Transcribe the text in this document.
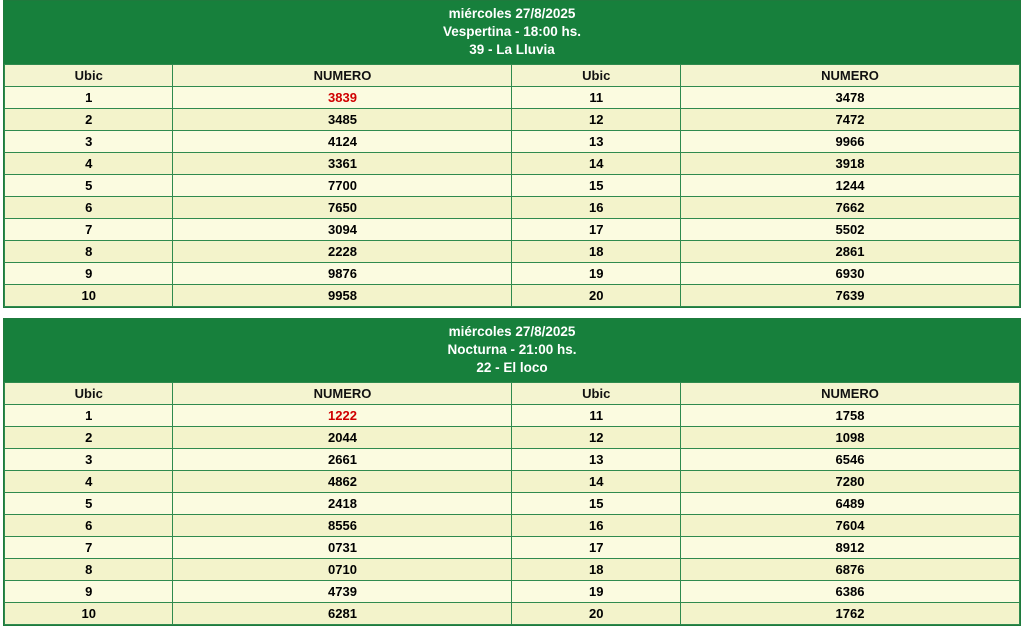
miércoles 27/8/2025
Vespertina - 18:00 hs.
39 - La Lluvia
Ubic	NUMERO	Ubic	NUMERO
1	3839	11	3478
2	3485	12	7472
3	4124	13	9966
4	3361	14	3918
5	7700	15	1244
6	7650	16	7662
7	3094	17	5502
8	2228	18	2861
9	9876	19	6930
10	9958	20	7639
miércoles 27/8/2025
Nocturna - 21:00 hs.
22 - El loco
Ubic	NUMERO	Ubic	NUMERO
1	1222	11	1758
2	2044	12	1098
3	2661	13	6546
4	4862	14	7280
5	2418	15	6489
6	8556	16	7604
7	0731	17	8912
8	0710	18	6876
9	4739	19	6386
10	6281	20	1762
